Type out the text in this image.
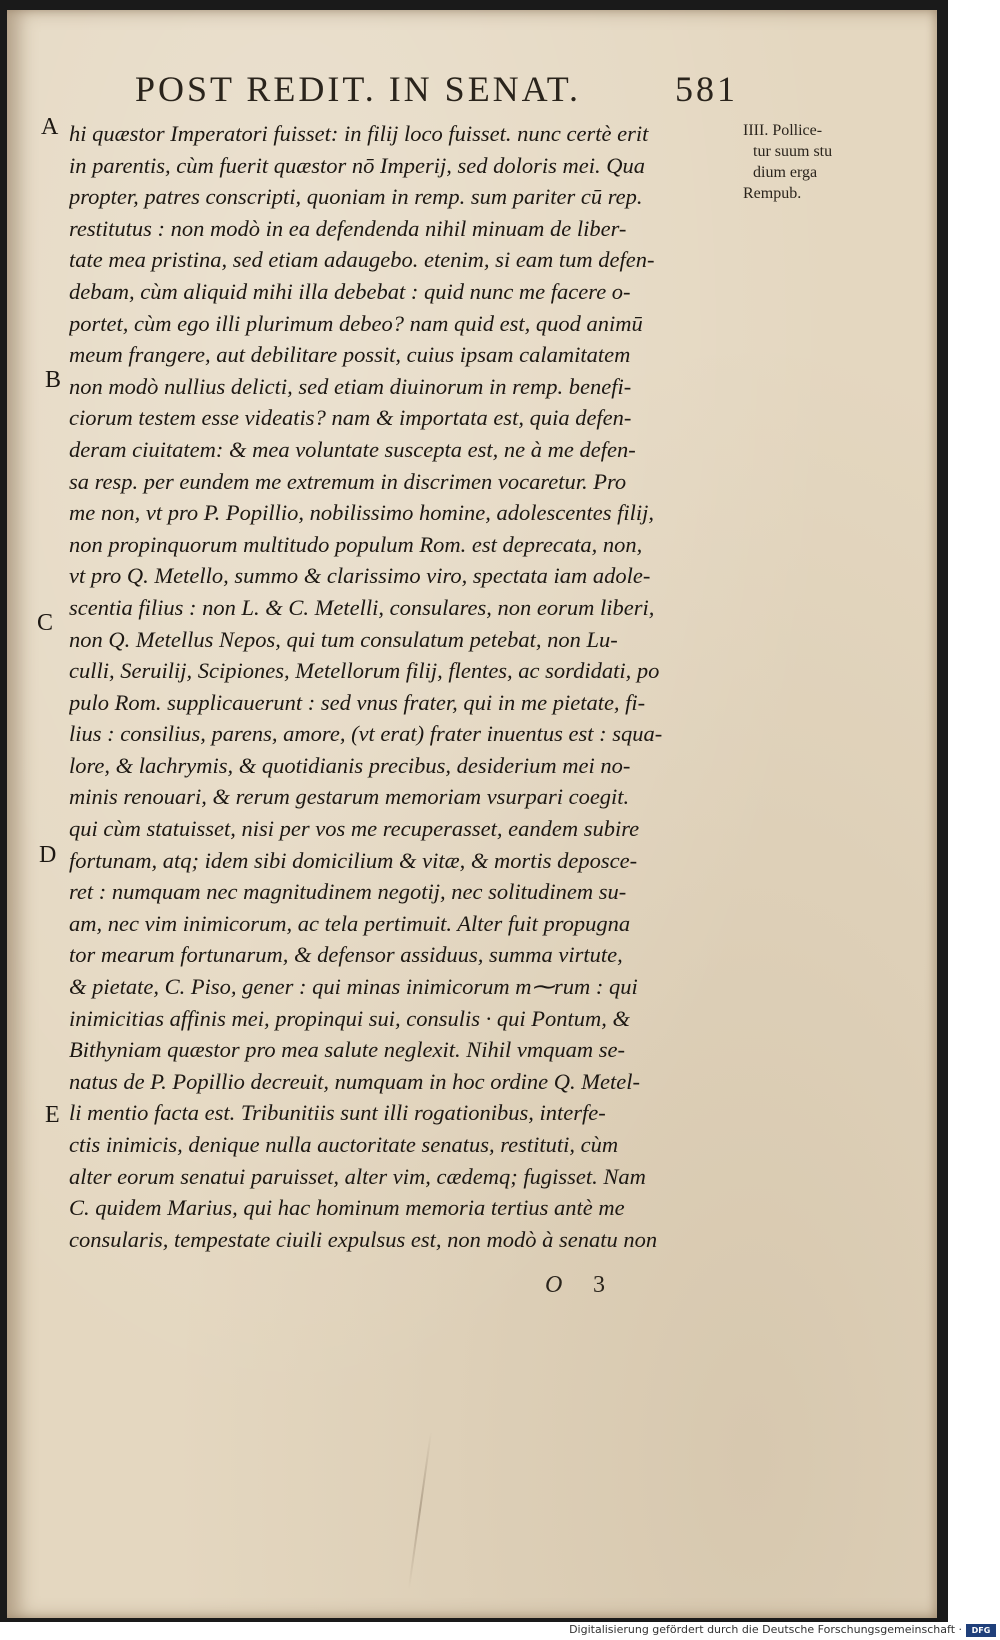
POST REDIT. IN SENAT.	581
A
B
C
D
E
hi quæstor Imperatori fuisset: in filij loco fuisset. nunc certè erit
in parentis, cùm fuerit quæstor nō Imperij, sed doloris mei. Qua
propter, patres conscripti, quoniam in remp. sum pariter cū rep.
restitutus : non modò in ea defendenda nihil minuam de liber-
tate mea pristina, sed etiam adaugebo. etenim, si eam tum defen-
debam, cùm aliquid mihi illa debebat : quid nunc me facere o-
portet, cùm ego illi plurimum debeo? nam quid est, quod animū
meum frangere, aut debilitare possit, cuius ipsam calamitatem
non modò nullius delicti, sed etiam diuinorum in remp. benefi-
ciorum testem esse videatis? nam & importata est, quia defen-
deram ciuitatem: & mea voluntate suscepta est, ne à me defen-
sa resp. per eundem me extremum in discrimen vocaretur. Pro
me non, vt pro P. Popillio, nobilissimo homine, adolescentes filij,
non propinquorum multitudo populum Rom. est deprecata, non,
vt pro Q. Metello, summo & clarissimo viro, spectata iam adole-
scentia filius : non L. & C. Metelli, consulares, non eorum liberi,
non Q. Metellus Nepos, qui tum consulatum petebat, non Lu-
culli, Seruilij, Scipiones, Metellorum filij, flentes, ac sordidati, po
pulo Rom. supplicauerunt : sed vnus frater, qui in me pietate, fi-
lius : consilius, parens, amore, (vt erat) frater inuentus est : squa-
lore, & lachrymis, & quotidianis precibus, desiderium mei no-
minis renouari, & rerum gestarum memoriam vsurpari coegit.
qui cùm statuisset, nisi per vos me recuperasset, eandem subire
fortunam, atq; idem sibi domicilium & vitæ, & mortis deposce-
ret : numquam nec magnitudinem negotij, nec solitudinem su-
am, nec vim inimicorum, ac tela pertimuit. Alter fuit propugna
tor mearum fortunarum, & defensor assiduus, summa virtute,
& pietate, C. Piso, gener : qui minas inimicorum m⁓rum : qui
inimicitias affinis mei, propinqui sui, consulis · qui Pontum, &
Bithyniam quæstor pro mea salute neglexit. Nihil vmquam se-
natus de P. Popillio decreuit, numquam in hoc ordine Q. Metel-
li mentio facta est. Tribunitiis sunt illi rogationibus, interfe-
ctis inimicis, denique nulla auctoritate senatus, restituti, cùm
alter eorum senatui paruisset, alter vim, cædemq; fugisset. Nam
C. quidem Marius, qui hac hominum memoria tertius antè me
consularis, tempestate ciuili expulsus est, non modò à senatu non
IIII. Pollice-
tur suum stu
dium erga
Rempub.
O 3
Digitalisierung gefördert durch die Deutsche Forschungsgemeinschaft ·	DFG
